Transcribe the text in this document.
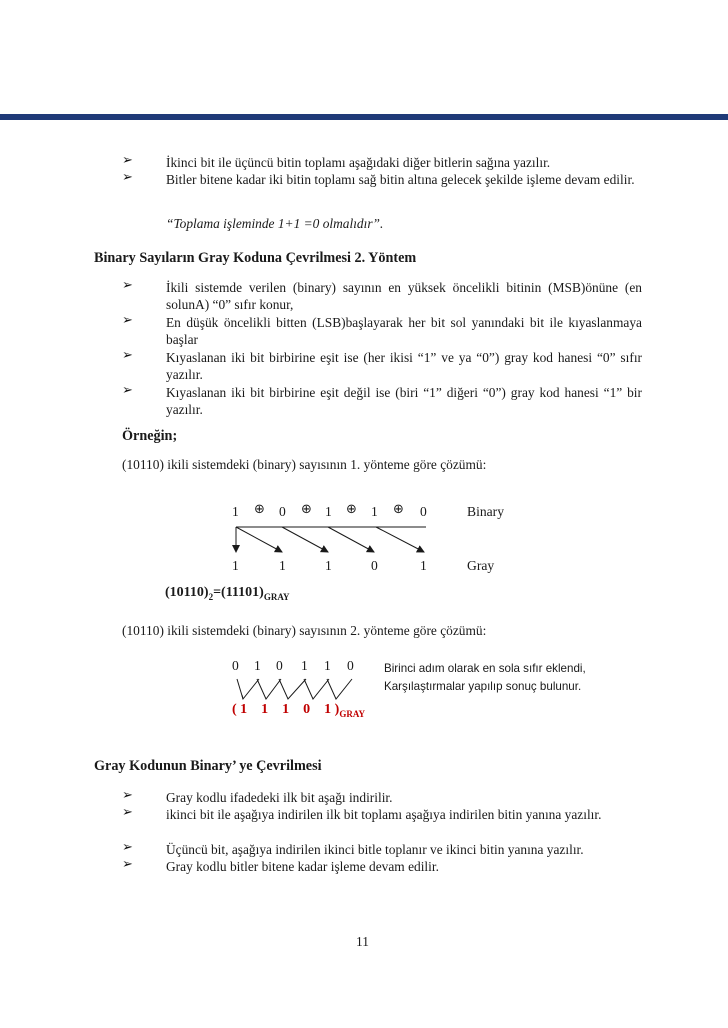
➢ İkinci bit ile üçüncü bitin toplamı aşağıdaki diğer bitlerin sağına yazılır.
➢ Bitler bitene kadar iki bitin toplamı sağ bitin altına gelecek şekilde işleme devam edilir.
“Toplama işleminde 1+1 =0 olmalıdır”.
Binary Sayıların Gray Koduna Çevrilmesi 2. Yöntem
➢ İkili sistemde verilen (binary) sayının en yüksek öncelikli bitinin (MSB)önüne (en solunA) “0” sıfır konur,
➢ En düşük öncelikli bitten (LSB)başlayarak her bit sol yanındaki bit ile kıyaslanmaya başlar
➢ Kıyaslanan iki bit birbirine eşit ise (her ikisi “1” ve ya “0”) gray kod hanesi “0” sıfır yazılır.
➢ Kıyaslanan iki bit birbirine eşit değil ise (biri “1” diğeri “0”) gray kod hanesi “1” bir yazılır.
Örneğin;
(10110) ikili sistemdeki (binary) sayısının 1. yönteme göre çözümü:
1 ⊕ 0 ⊕ 1 ⊕ 1 ⊕ 0	Binary
1	1	1	0	1	Gray
$(10110)_2=(11101)_{GRAY}$
(10110) ikili sistemdeki (binary) sayısının 2. yönteme göre çözümü:
0 1 0 1 1 0	Birinci adım olarak en sola sıfır eklendi,
Karşılaştırmalar yapılıp sonuç bulunur.
( 1    1    1    0    1 )$_{GRAY}$
Gray Kodunun Binary’ ye Çevrilmesi
➢ Gray kodlu ifadedeki ilk bit aşağı indirilir.
➢ ikinci bit ile aşağıya indirilen ilk bit toplamı aşağıya indirilen bitin yanına yazılır.
➢ Üçüncü bit, aşağıya indirilen ikinci bitle toplanır ve ikinci bitin yanına yazılır.
➢ Gray kodlu bitler bitene kadar işleme devam edilir.
11
